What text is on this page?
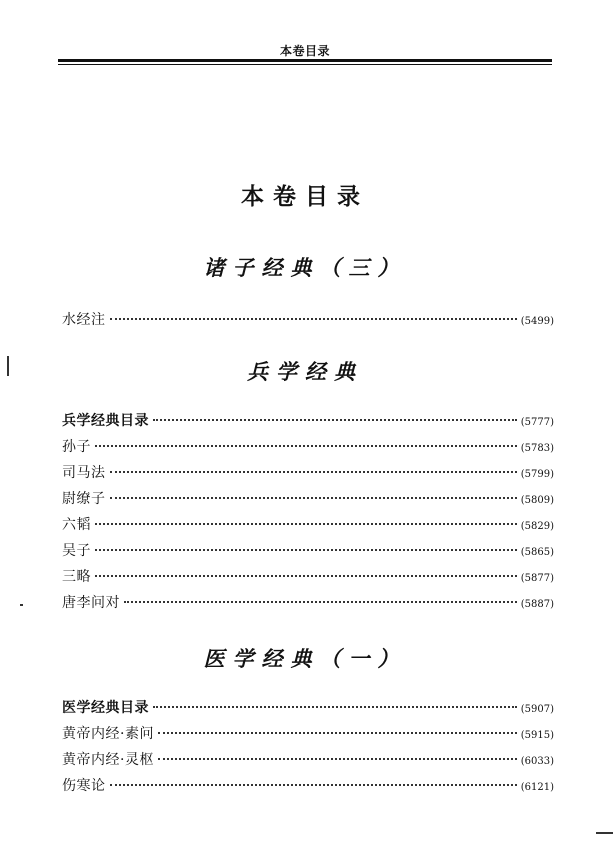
本卷目录
本卷目录
诸子经典（三）
水经注	(5499)
兵学经典
兵学经典目录	(5777)
孙子	(5783)
司马法	(5799)
尉缭子	(5809)
六韬	(5829)
吴子	(5865)
三略	(5877)
唐李问对	(5887)
医学经典（一）
医学经典目录	(5907)
黄帝内经·素问	(5915)
黄帝内经·灵枢	(6033)
伤寒论	(6121)
